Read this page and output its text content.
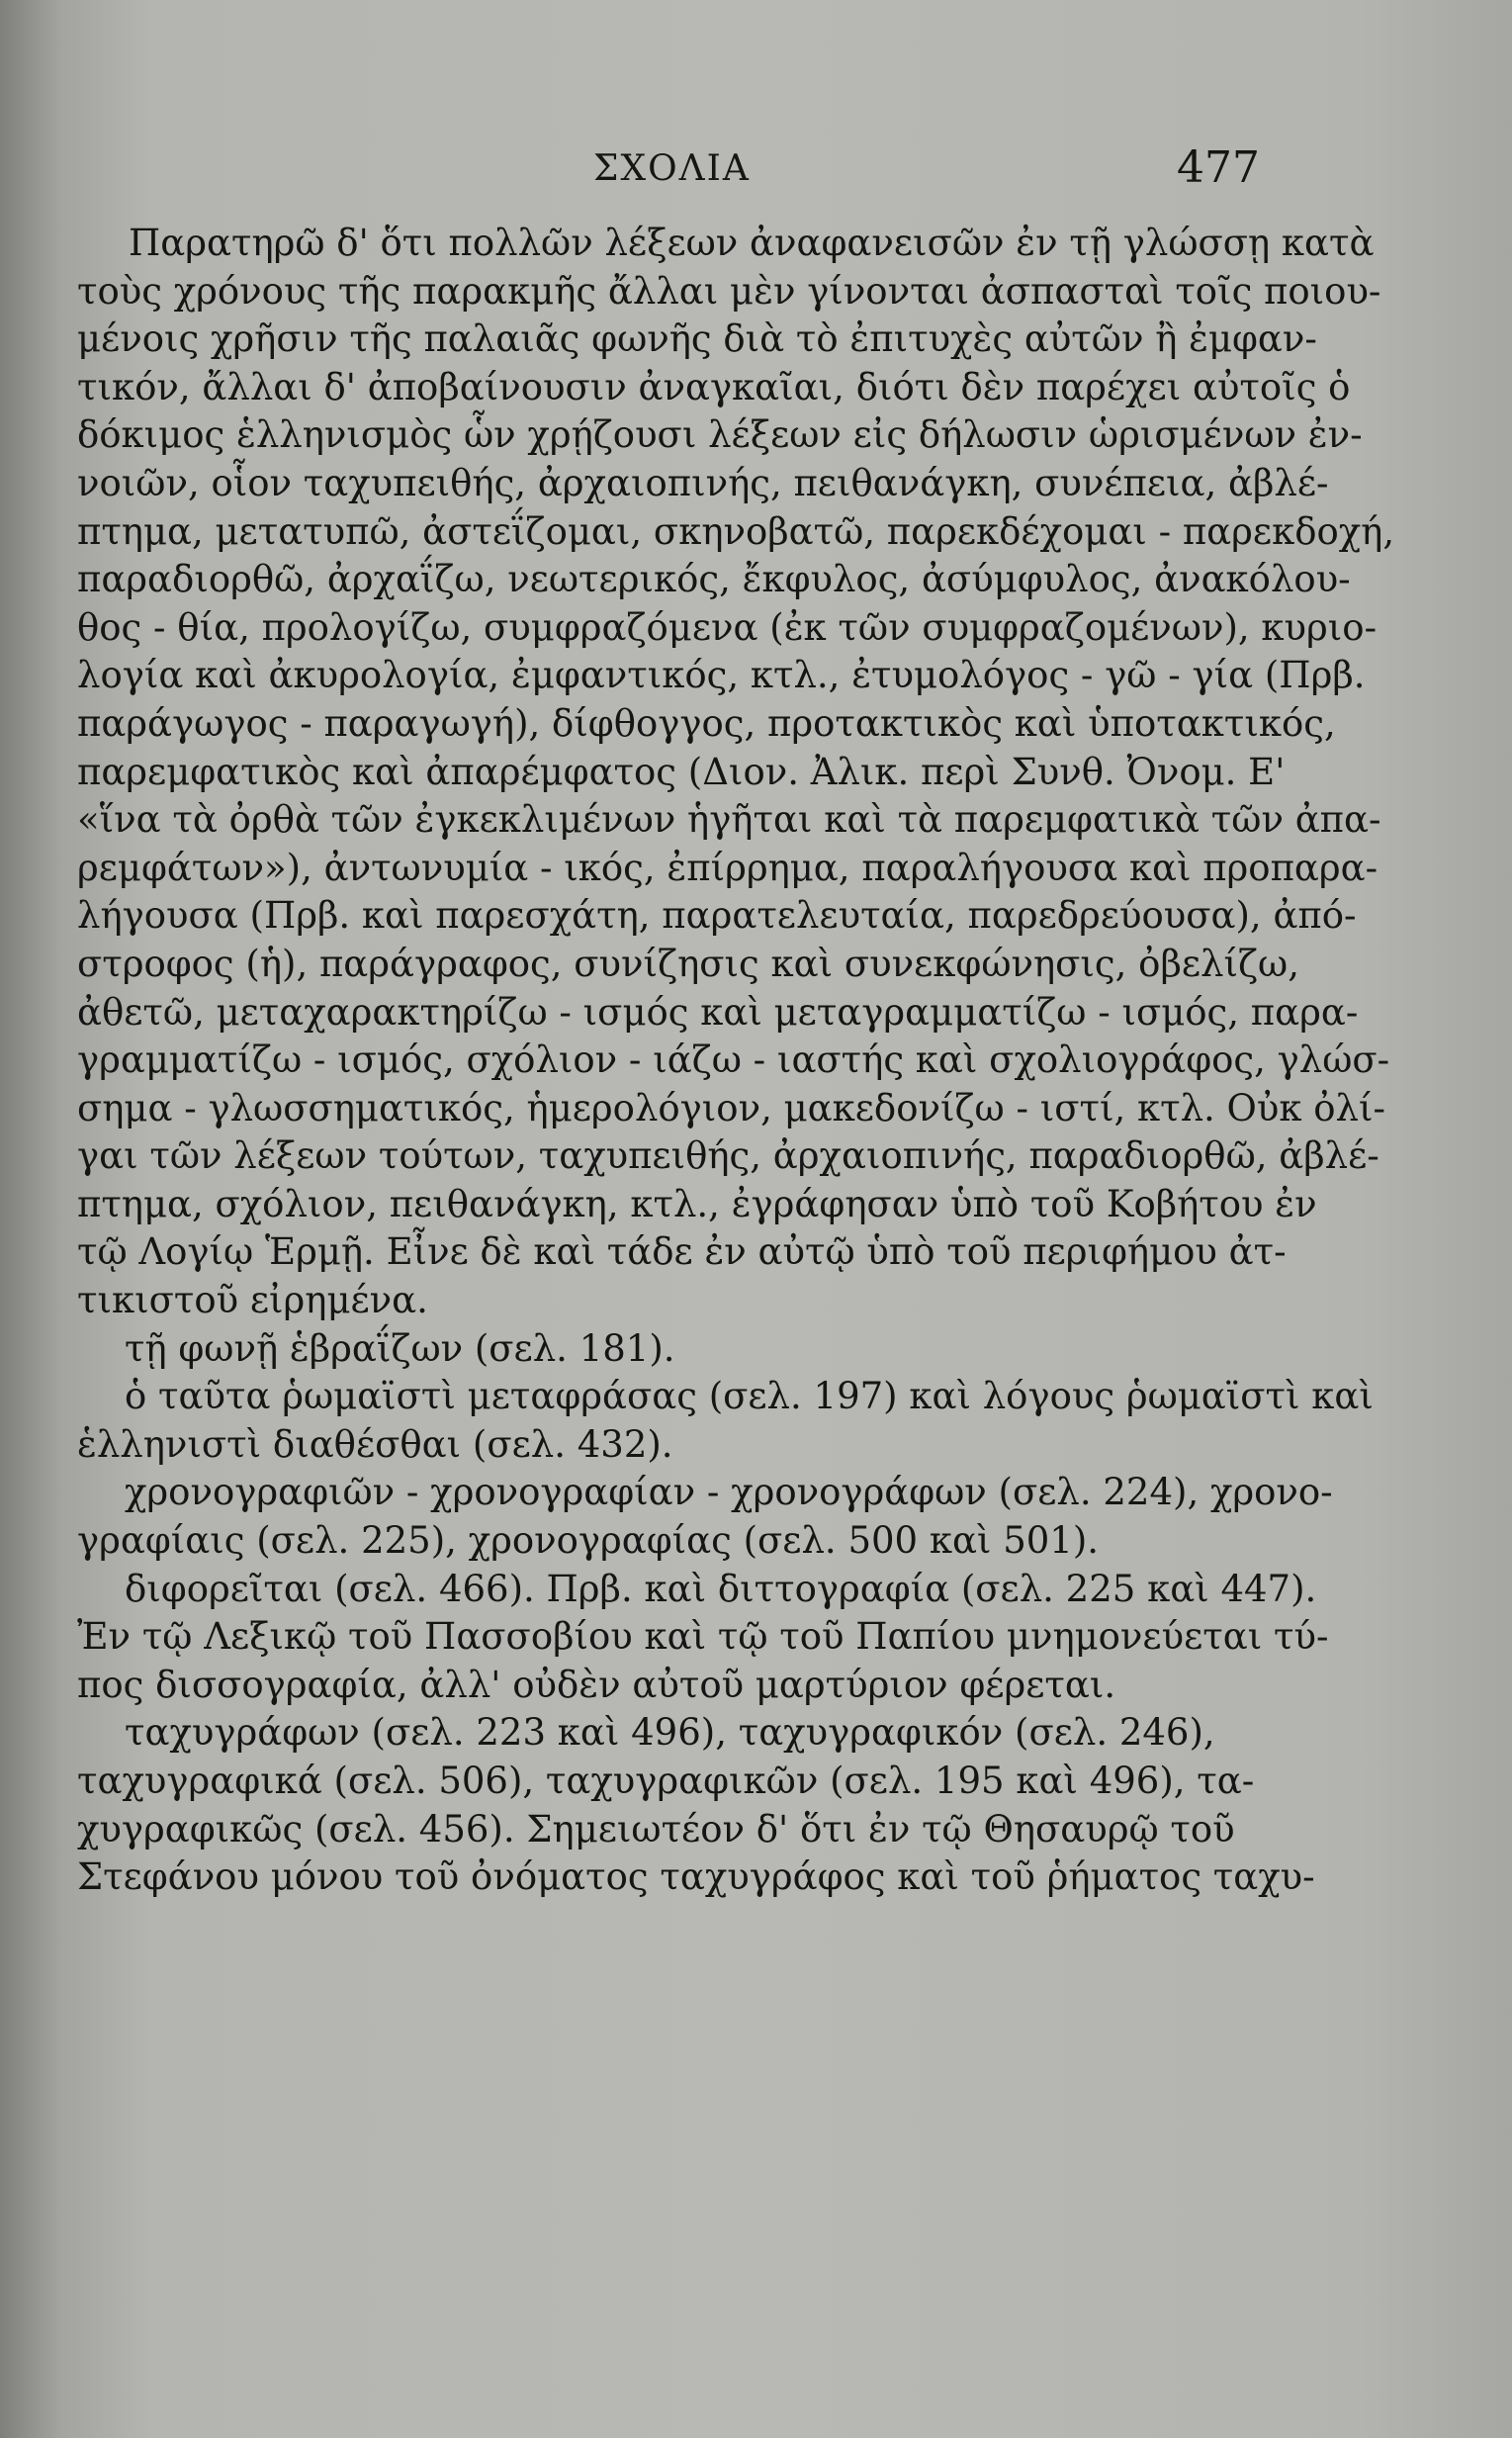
ΣΧΟΛΙΑ	477
Παρατηρῶ δ' ὅτι πολλῶν λέξεων ἀναφανεισῶν ἐν τῇ γλώσσῃ κατὰ
τοὺς χρόνους τῆς παρακμῆς ἄλλαι μὲν γίνονται ἀσπασταὶ τοῖς ποιου-
μένοις χρῆσιν τῆς παλαιᾶς φωνῆς διὰ τὸ ἐπιτυχὲς αὐτῶν ἢ ἐμφαν-
τικόν, ἄλλαι δ' ἀποβαίνουσιν ἀναγκαῖαι, διότι δὲν παρέχει αὐτοῖς ὁ
δόκιμος ἑλληνισμὸς ὧν χρῄζουσι λέξεων εἰς δήλωσιν ὡρισμένων ἐν-
νοιῶν, οἷον ταχυπειθής, ἀρχαιοπινής, πειθανάγκη, συνέπεια, ἀβλέ-
πτημα, μετατυπῶ, ἀστεΐζομαι, σκηνοβατῶ, παρεκδέχομαι - παρεκδοχή,
παραδιορθῶ, ἀρχαΐζω, νεωτερικός, ἔκφυλος, ἀσύμφυλος, ἀνακόλου-
θος - θία, προλογίζω, συμφραζόμενα (ἐκ τῶν συμφραζομένων), κυριο-
λογία καὶ ἀκυρολογία, ἐμφαντικός, κτλ., ἐτυμολόγος - γῶ - γία (Πρβ.
παράγωγος - παραγωγή), δίφθογγος, προτακτικὸς καὶ ὑποτακτικός,
παρεμφατικὸς καὶ ἀπαρέμφατος (Διον. Ἀλικ. περὶ Συνθ. Ὀνομ. Ε'
«ἵνα τὰ ὀρθὰ τῶν ἐγκεκλιμένων ἡγῆται καὶ τὰ παρεμφατικὰ τῶν ἀπα-
ρεμφάτων»), ἀντωνυμία - ικός, ἐπίρρημα, παραλήγουσα καὶ προπαρα-
λήγουσα (Πρβ. καὶ παρεσχάτη, παρατελευταία, παρεδρεύουσα), ἀπό-
στροφος (ἡ), παράγραφος, συνίζησις καὶ συνεκφώνησις, ὀβελίζω,
ἀθετῶ, μεταχαρακτηρίζω - ισμός καὶ μεταγραμματίζω - ισμός, παρα-
γραμματίζω - ισμός, σχόλιον - ιάζω - ιαστής καὶ σχολιογράφος, γλώσ-
σημα - γλωσσηματικός, ἡμερολόγιον, μακεδονίζω - ιστί, κτλ. Οὐκ ὀλί-
γαι τῶν λέξεων τούτων, ταχυπειθής, ἀρχαιοπινής, παραδιορθῶ, ἀβλέ-
πτημα, σχόλιον, πειθανάγκη, κτλ., ἐγράφησαν ὑπὸ τοῦ Κοβήτου ἐν
τῷ Λογίῳ Ἑρμῇ. Εἶνε δὲ καὶ τάδε ἐν αὐτῷ ὑπὸ τοῦ περιφήμου ἀτ-
τικιστοῦ εἰρημένα.
τῇ φωνῇ ἑβραΐζων (σελ. 181).
ὁ ταῦτα ῥωμαϊστὶ μεταφράσας (σελ. 197) καὶ λόγους ῥωμαϊστὶ καὶ
ἑλληνιστὶ διαθέσθαι (σελ. 432).
χρονογραφιῶν - χρονογραφίαν - χρονογράφων (σελ. 224), χρονο-
γραφίαις (σελ. 225), χρονογραφίας (σελ. 500 καὶ 501).
διφορεῖται (σελ. 466). Πρβ. καὶ διττογραφία (σελ. 225 καὶ 447).
Ἐν τῷ Λεξικῷ τοῦ Πασσοβίου καὶ τῷ τοῦ Παπίου μνημονεύεται τύ-
πος δισσογραφία, ἀλλ' οὐδὲν αὐτοῦ μαρτύριον φέρεται.
ταχυγράφων (σελ. 223 καὶ 496), ταχυγραφικόν (σελ. 246),
ταχυγραφικά (σελ. 506), ταχυγραφικῶν (σελ. 195 καὶ 496), τα-
χυγραφικῶς (σελ. 456). Σημειωτέον δ' ὅτι ἐν τῷ Θησαυρῷ τοῦ
Στεφάνου μόνου τοῦ ὀνόματος ταχυγράφος καὶ τοῦ ῥήματος ταχυ-
